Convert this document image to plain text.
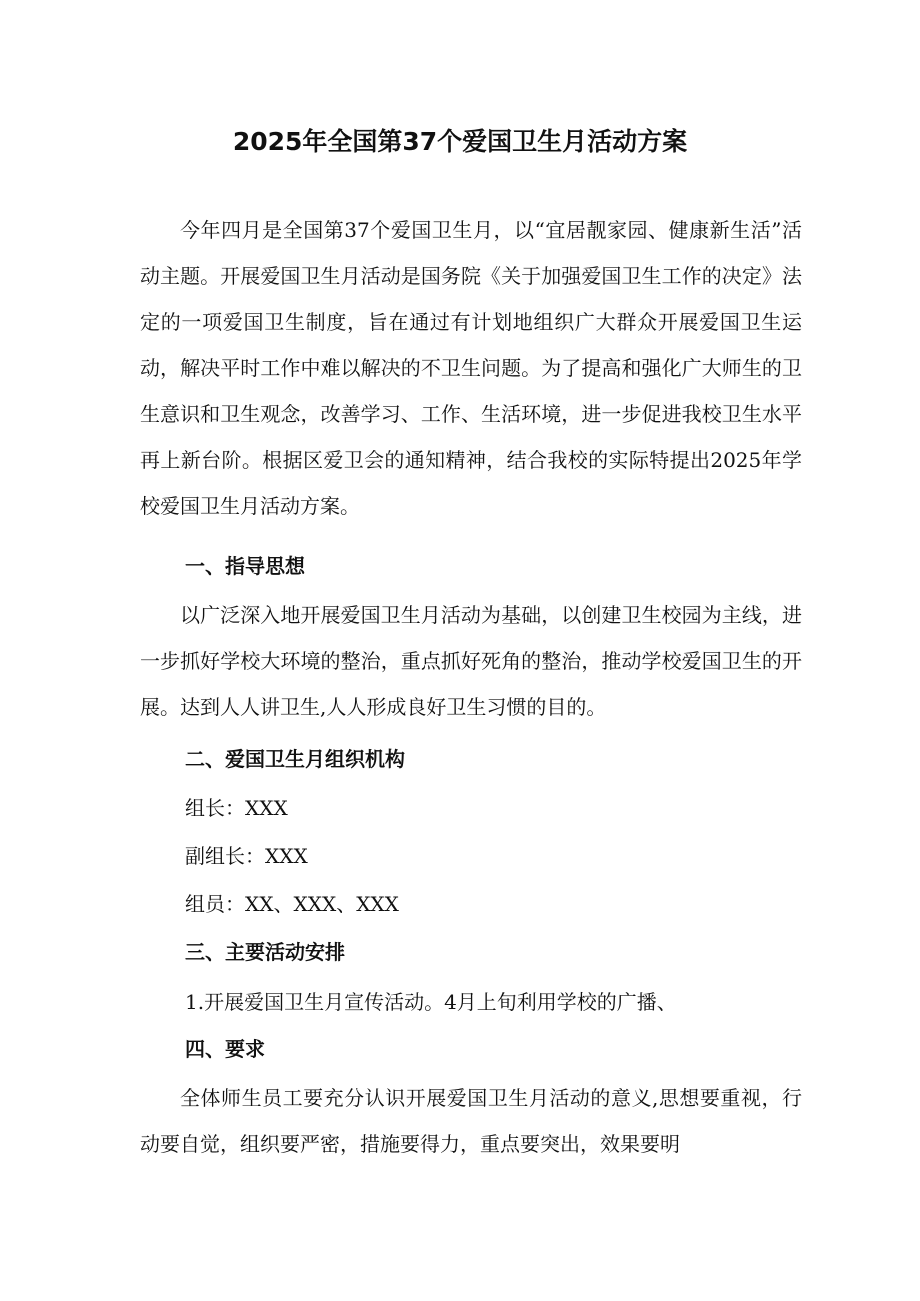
2025年全国第37个爱国卫生月活动方案

今年四月是全国第37个爱国卫生月，以“宜居靓家园、健康新生活”活动主题。开展爱国卫生月活动是国务院《关于加强爱国卫生工作的决定》法定的一项爱国卫生制度，旨在通过有计划地组织广大群众开展爱国卫生运动，解决平时工作中难以解决的不卫生问题。为了提高和强化广大师生的卫生意识和卫生观念，改善学习、工作、生活环境，进一步促进我校卫生水平再上新台阶。根据区爱卫会的通知精神，结合我校的实际特提出2025年学校爱国卫生月活动方案。

一、指导思想

以广泛深入地开展爱国卫生月活动为基础，以创建卫生校园为主线，进一步抓好学校大环境的整治，重点抓好死角的整治，推动学校爱国卫生的开展。达到人人讲卫生,人人形成良好卫生习惯的目的。

二、爱国卫生月组织机构

组长：XXX

副组长：XXX

组员：XX、XXX、XXX

三、主要活动安排

1.开展爱国卫生月宣传活动。4月上旬利用学校的广播、

四、要求

全体师生员工要充分认识开展爱国卫生月活动的意义,思想要重视，行动要自觉，组织要严密，措施要得力，重点要突出，效果要明
